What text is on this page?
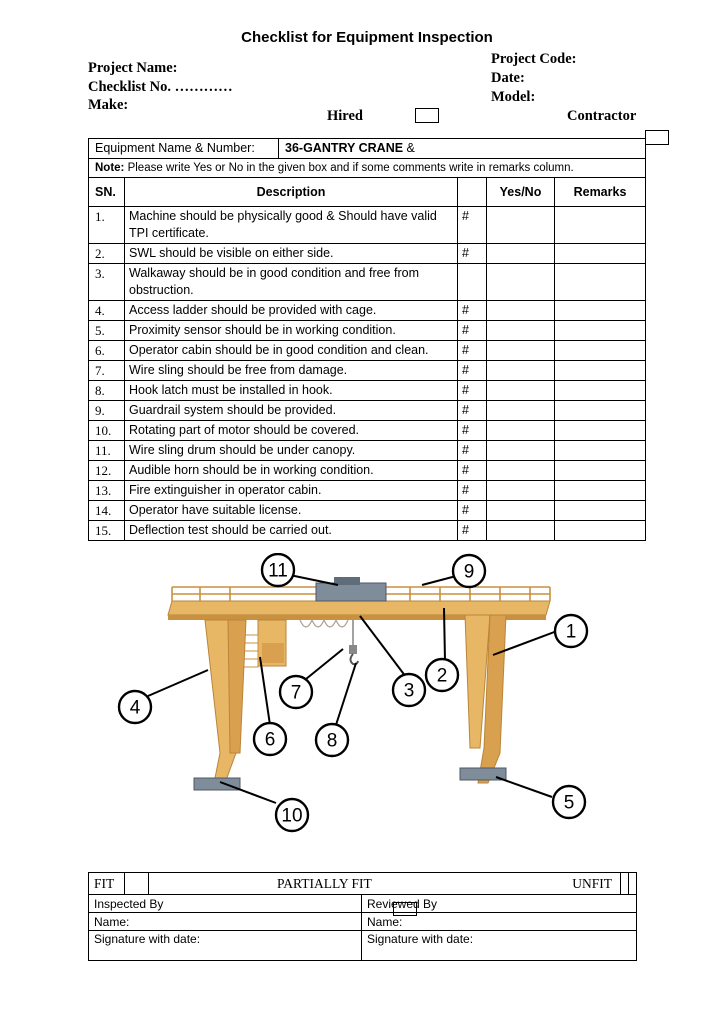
Checklist for Equipment Inspection
Project Name:
Checklist No. …………
Make:
Project Code:
Date:
Model:
Hired	Contractor
Equipment Name & Number: 36-GANTRY CRANE &				

Note: Please write Yes or No in the given box and if some comments write in remarks column.				
SN.	Description		Yes/No	Remarks
1.	Machine should be physically good & Should have valid TPI certificate.	#		
2.	SWL should be visible on either side.	#		
3.	Walkaway should be in good condition and free from obstruction.			
4.	Access ladder should be provided with cage.	#		
5.	Proximity sensor should be in working condition.	#		
6.	Operator cabin should be in good condition and clean.	#		
7.	Wire sling should be free from damage.	#		
8.	Hook latch must be installed in hook.	#		
9.	Guardrail system should be provided.	#		
10.	Rotating part of motor should be covered.	#		
11.	Wire sling drum should be under canopy.	#		
12.	Audible horn should be in working condition.	#		
13.	Fire extinguisher in operator cabin.	#		
14.	Operator have suitable license.	#		
15.	Deflection test should be carried out.	#		
11	9
1
2
3
7
8
4
6
10
5
FIT		PARTIALLY FIT UNFIT			

Inspected By			Reviewed By		
Name:			Name:		
Signature with date:			Signature with date:		
